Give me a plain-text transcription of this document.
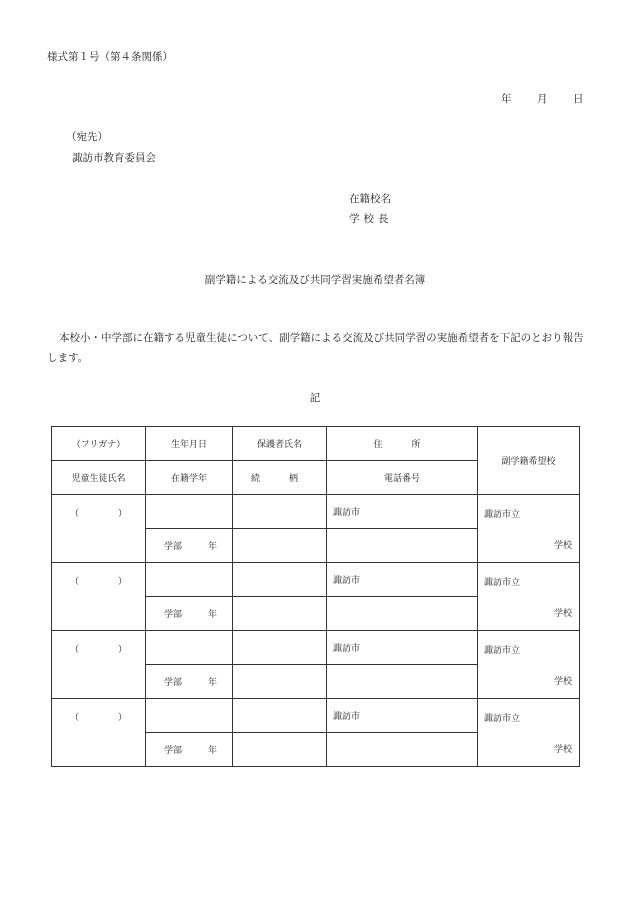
様式第１号（第４条関係）
年 月 日
（宛先）
諏訪市教育委員会
在籍校名
学校長
副学籍による交流及び共同学習実施希望者名簿
本校小・中学部に在籍する児童生徒について、副学籍による交流及び共同学習の実施希望者を下記のとおり報告します。
記
（フリガナ）	生年月日	保護者氏名	住　所	副学籍希望校
児童生徒氏名	在籍学年	続　柄	電話番号	

（ ）			諏訪市	諏訪市立
学校

	学部 年			

（ ）			諏訪市	諏訪市立
学校

	学部 年			

（ ）			諏訪市	諏訪市立
学校

	学部 年			

（ ）			諏訪市	諏訪市立
学校

	学部 年			
